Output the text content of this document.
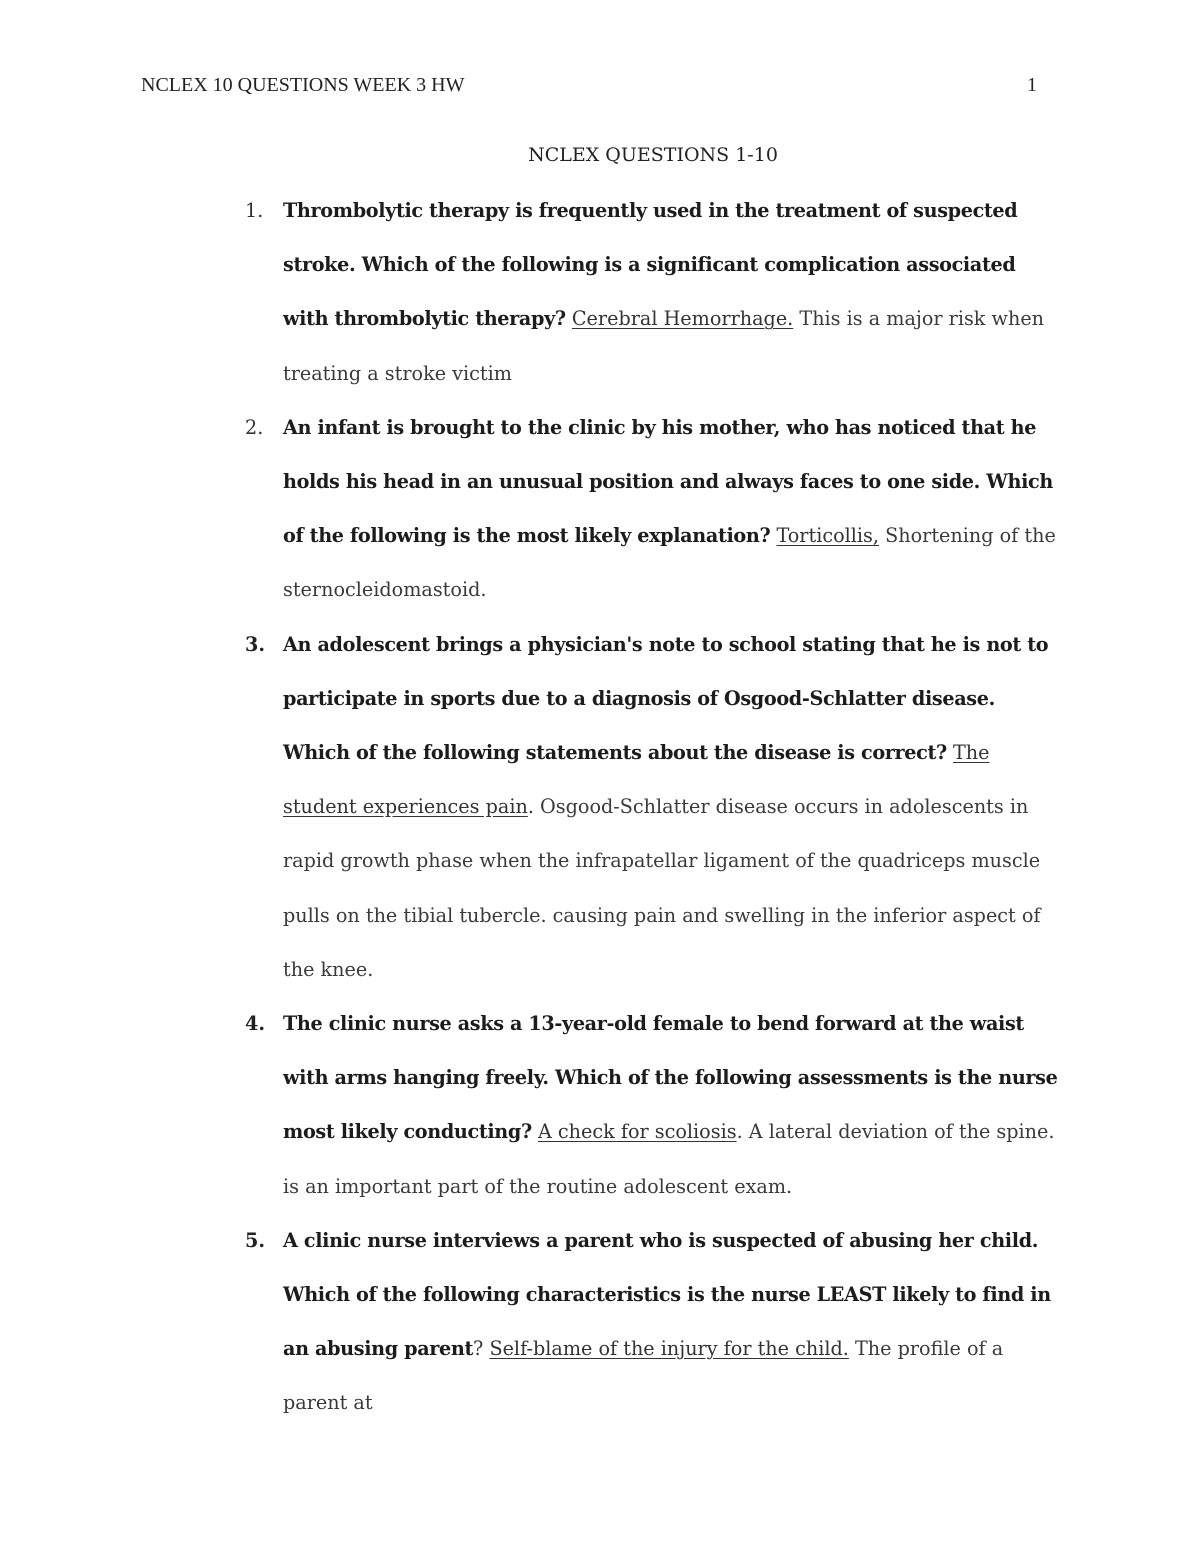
NCLEX 10 QUESTIONS WEEK 3 HW	1
NCLEX QUESTIONS 1-10
1. Thrombolytic therapy is frequently used in the treatment of suspected stroke. Which of the following is a significant complication associated with thrombolytic therapy? Cerebral Hemorrhage. This is a major risk when treating a stroke victim
2. An infant is brought to the clinic by his mother, who has noticed that he holds his head in an unusual position and always faces to one side. Which of the following is the most likely explanation? Torticollis, Shortening of the sternocleidomastoid.
3. An adolescent brings a physician's note to school stating that he is not to participate in sports due to a diagnosis of Osgood-Schlatter disease. Which of the following statements about the disease is correct? The student experiences pain. Osgood-Schlatter disease occurs in adolescents in rapid growth phase when the infrapatellar ligament of the quadriceps muscle pulls on the tibial tubercle. causing pain and swelling in the inferior aspect of the knee.
4. The clinic nurse asks a 13-year-old female to bend forward at the waist with arms hanging freely. Which of the following assessments is the nurse most likely conducting? A check for scoliosis. A lateral deviation of the spine. is an important part of the routine adolescent exam.
5. A clinic nurse interviews a parent who is suspected of abusing her child. Which of the following characteristics is the nurse LEAST likely to find in an abusing parent? Self-blame of the injury for the child. The profile of a parent at
